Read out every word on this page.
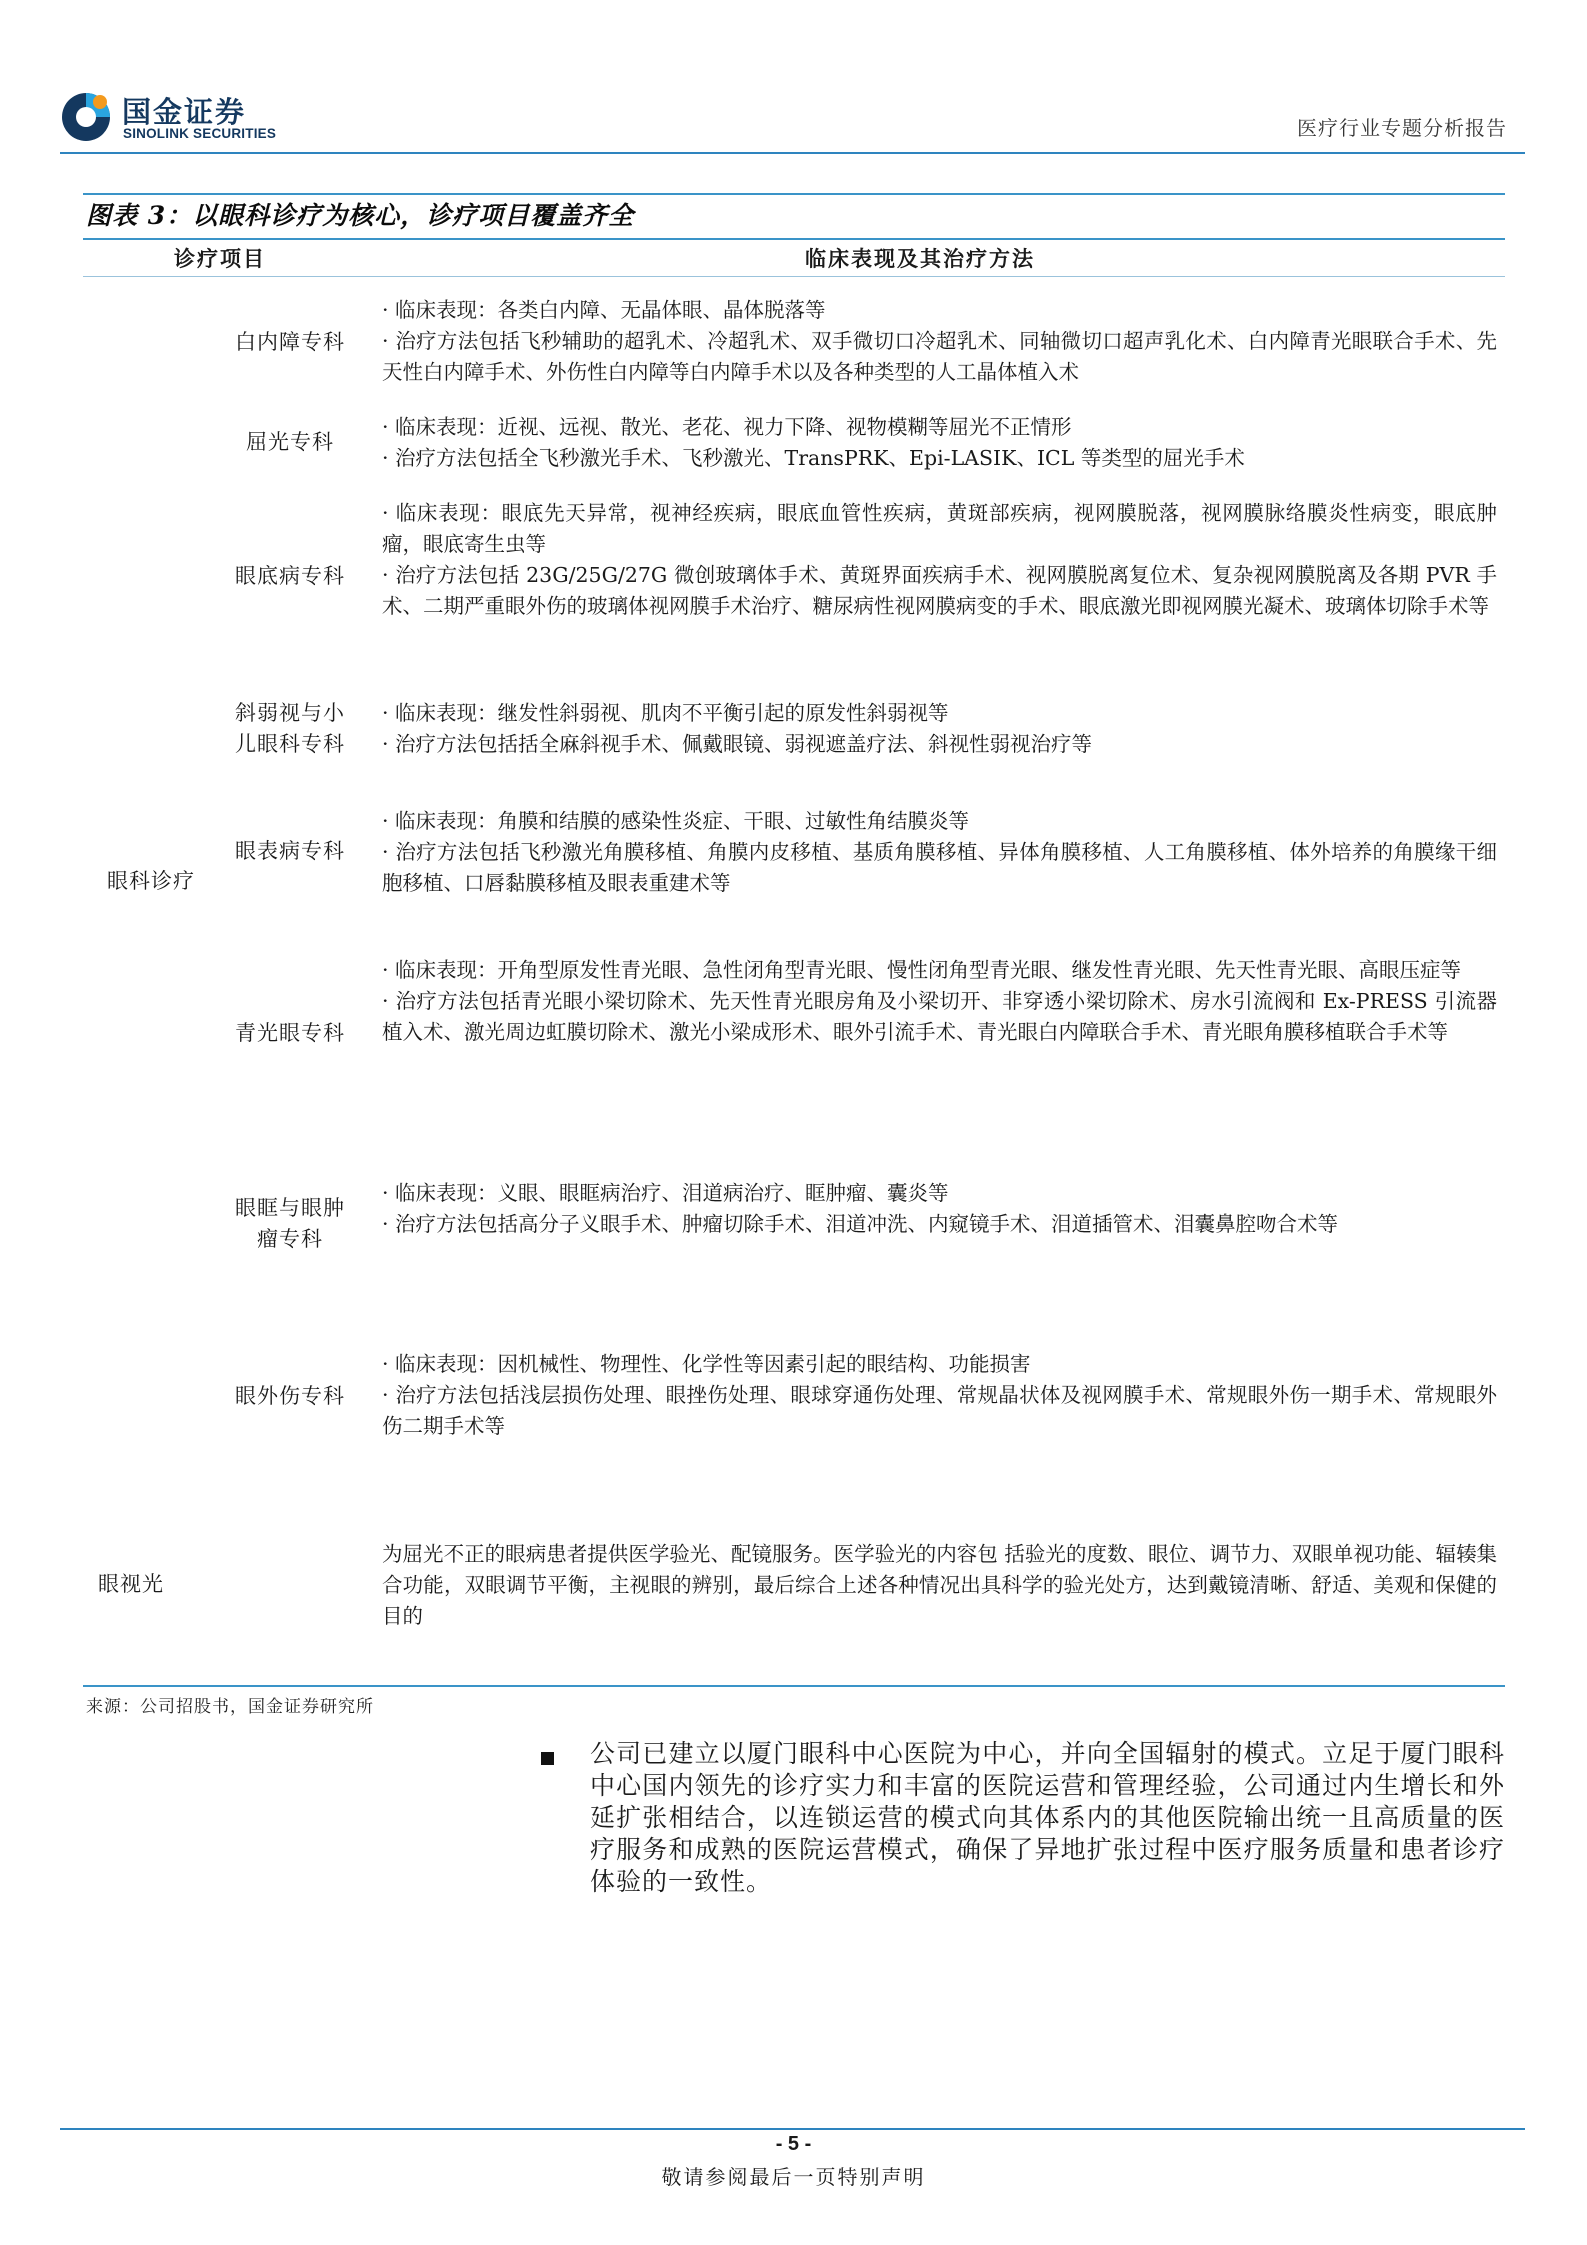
国金证券
SINOLINK SECURITIES	医疗行业专题分析报告
图表 3：以眼科诊疗为核心，诊疗项目覆盖齐全
诊疗项目	临床表现及其治疗方法
眼科诊疗
眼视光
白内障专科

· 临床表现：各类白内障、无晶体眼、晶体脱落等

· 治疗方法包括飞秒辅助的超乳术、冷超乳术、双手微切口冷超乳术、同轴微切口超声乳化术、白内障青光眼联合手术、先天性白内障手术、外伤性白内障等白内障手术以及各种类型的人工晶体植入术

屈光专科

· 临床表现：近视、远视、散光、老花、视力下降、视物模糊等屈光不正情形

· 治疗方法包括全飞秒激光手术、飞秒激光、TransPRK、Epi-LASIK、ICL 等类型的屈光手术

眼底病专科

· 临床表现：眼底先天异常，视神经疾病，眼底血管性疾病，黄斑部疾病，视网膜脱落，视网膜脉络膜炎性病变，眼底肿瘤，眼底寄生虫等

· 治疗方法包括 23G/25G/27G 微创玻璃体手术、黄斑界面疾病手术、视网膜脱离复位术、复杂视网膜脱离及各期 PVR 手术、二期严重眼外伤的玻璃体视网膜手术治疗、糖尿病性视网膜病变的手术、眼底激光即视网膜光凝术、玻璃体切除手术等

斜弱视与小儿眼科专科

· 临床表现：继发性斜弱视、肌肉不平衡引起的原发性斜弱视等

· 治疗方法包括括全麻斜视手术、佩戴眼镜、弱视遮盖疗法、斜视性弱视治疗等

眼表病专科

· 临床表现：角膜和结膜的感染性炎症、干眼、过敏性角结膜炎等

· 治疗方法包括飞秒激光角膜移植、角膜内皮移植、基质角膜移植、异体角膜移植、人工角膜移植、体外培养的角膜缘干细胞移植、口唇黏膜移植及眼表重建术等

青光眼专科

· 临床表现：开角型原发性青光眼、急性闭角型青光眼、慢性闭角型青光眼、继发性青光眼、先天性青光眼、高眼压症等

· 治疗方法包括青光眼小梁切除术、先天性青光眼房角及小梁切开、非穿透小梁切除术、房水引流阀和 Ex-PRESS 引流器植入术、激光周边虹膜切除术、激光小梁成形术、眼外引流手术、青光眼白内障联合手术、青光眼角膜移植联合手术等

眼眶与眼肿瘤专科

· 临床表现：义眼、眼眶病治疗、泪道病治疗、眶肿瘤、囊炎等

· 治疗方法包括高分子义眼手术、肿瘤切除手术、泪道冲洗、内窥镜手术、泪道插管术、泪囊鼻腔吻合术等

眼外伤专科

· 临床表现：因机械性、物理性、化学性等因素引起的眼结构、功能损害

· 治疗方法包括浅层损伤处理、眼挫伤处理、眼球穿通伤处理、常规晶状体及视网膜手术、常规眼外伤一期手术、常规眼外伤二期手术等

为屈光不正的眼病患者提供医学验光、配镜服务。医学验光的内容包 括验光的度数、眼位、调节力、双眼单视功能、辐辏集合功能，双眼调节平衡，主视眼的辨别，最后综合上述各种情况出具科学的验光处方，达到戴镜清晰、舒适、美观和保健的目的

来源：公司招股书，国金证券研究所
公司已建立以厦门眼科中心医院为中心，并向全国辐射的模式。立足于厦门眼科中心国内领先的诊疗实力和丰富的医院运营和管理经验，公司通过内生增长和外延扩张相结合，以连锁运营的模式向其体系内的其他医院输出统一且高质量的医疗服务和成熟的医院运营模式，确保了异地扩张过程中医疗服务质量和患者诊疗体验的一致性。
- 5 -
敬请参阅最后一页特别声明
